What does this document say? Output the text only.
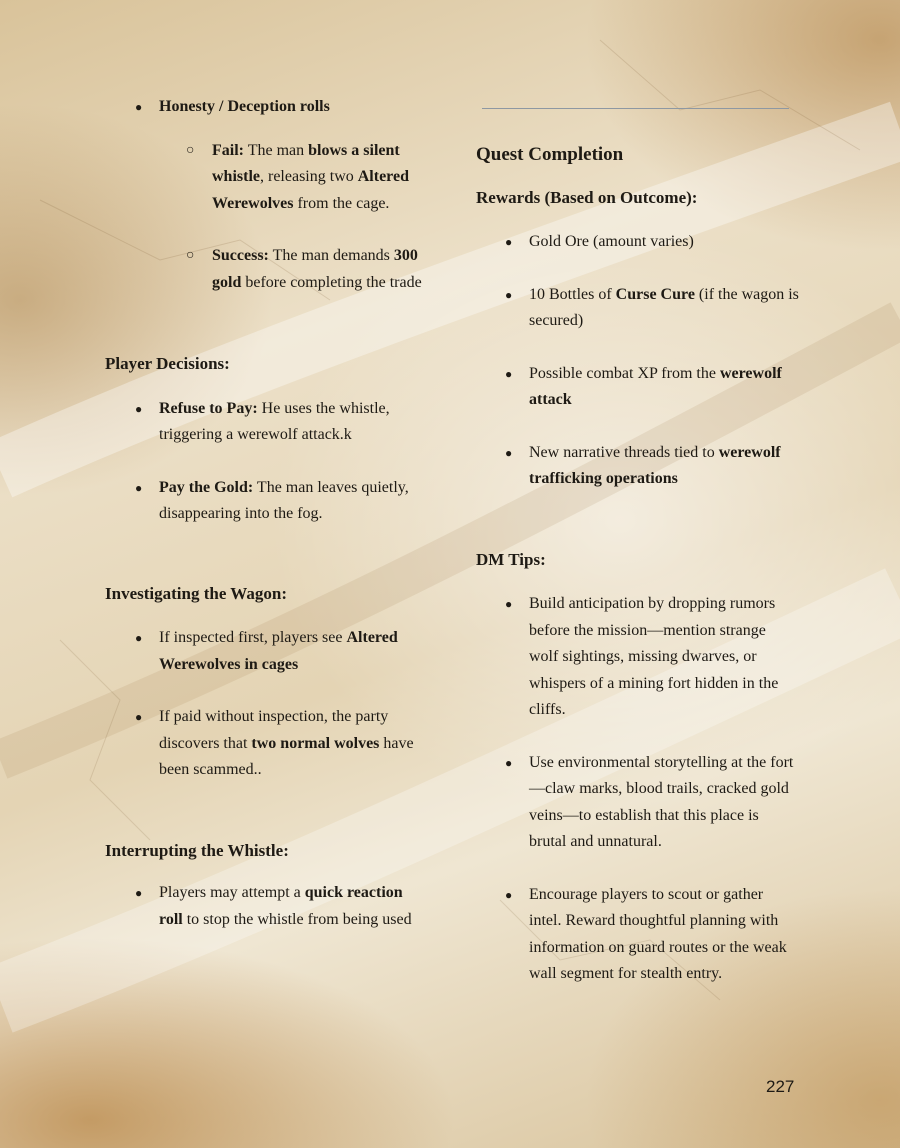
● Honesty / Deception rolls
○ Fail: The man blows a silent whistle, releasing two Altered Werewolves from the cage.
○ Success: The man demands 300 gold before completing the trade

Player Decisions:

● Refuse to Pay: He uses the whistle, triggering a werewolf attack.k
● Pay the Gold: The man leaves quietly, disappearing into the fog.

Investigating the Wagon:

● If inspected first, players see Altered Werewolves in cages
● If paid without inspection, the party discovers that two normal wolves have been scammed..

Interrupting the Whistle:

● Players may attempt a quick reaction roll to stop the whistle from being used

Quest Completion

Rewards (Based on Outcome):

● Gold Ore (amount varies)
● 10 Bottles of Curse Cure (if the wagon is secured)
● Possible combat XP from the werewolf attack
● New narrative threads tied to werewolf trafficking operations

DM Tips:

● Build anticipation by dropping rumors before the mission—mention strange wolf sightings, missing dwarves, or whispers of a mining fort hidden in the cliffs.
● Use environmental storytelling at the fort—claw marks, blood trails, cracked gold veins—to establish that this place is brutal and unnatural.
● Encourage players to scout or gather intel. Reward thoughtful planning with information on guard routes or the weak wall segment for stealth entry.
227
